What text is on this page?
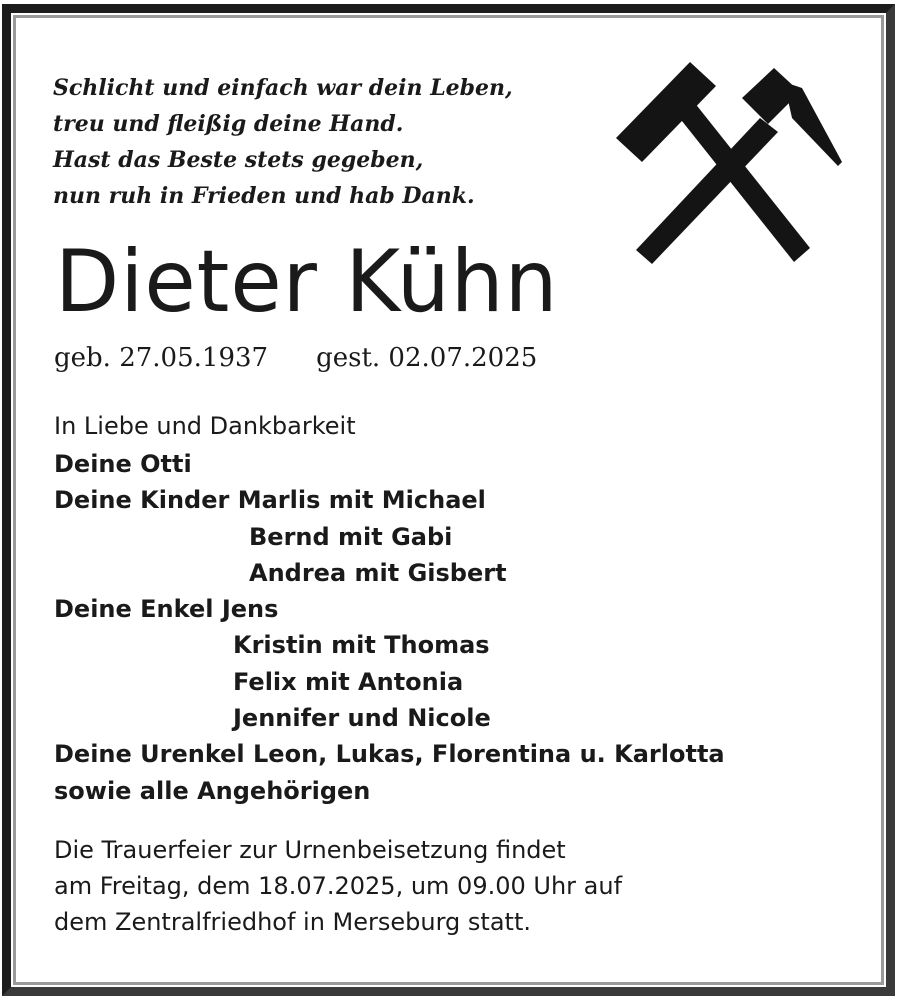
Schlicht und einfach war dein Leben,
treu und fleißig deine Hand.
Hast das Beste stets gegeben,
nun ruh in Frieden und hab Dank.
Dieter Kühn
geb. 27.05.1937 gest. 02.07.2025
In Liebe und Dankbarkeit
Deine Otti
Deine Kinder Marlis mit Michael
Bernd mit Gabi
Andrea mit Gisbert
Deine Enkel Jens
Kristin mit Thomas
Felix mit Antonia
Jennifer und Nicole
Deine Urenkel Leon, Lukas, Florentina u. Karlotta
sowie alle Angehörigen
Die Trauerfeier zur Urnenbeisetzung findet
am Freitag, dem 18.07.2025, um 09.00 Uhr auf
dem Zentralfriedhof in Merseburg statt.
